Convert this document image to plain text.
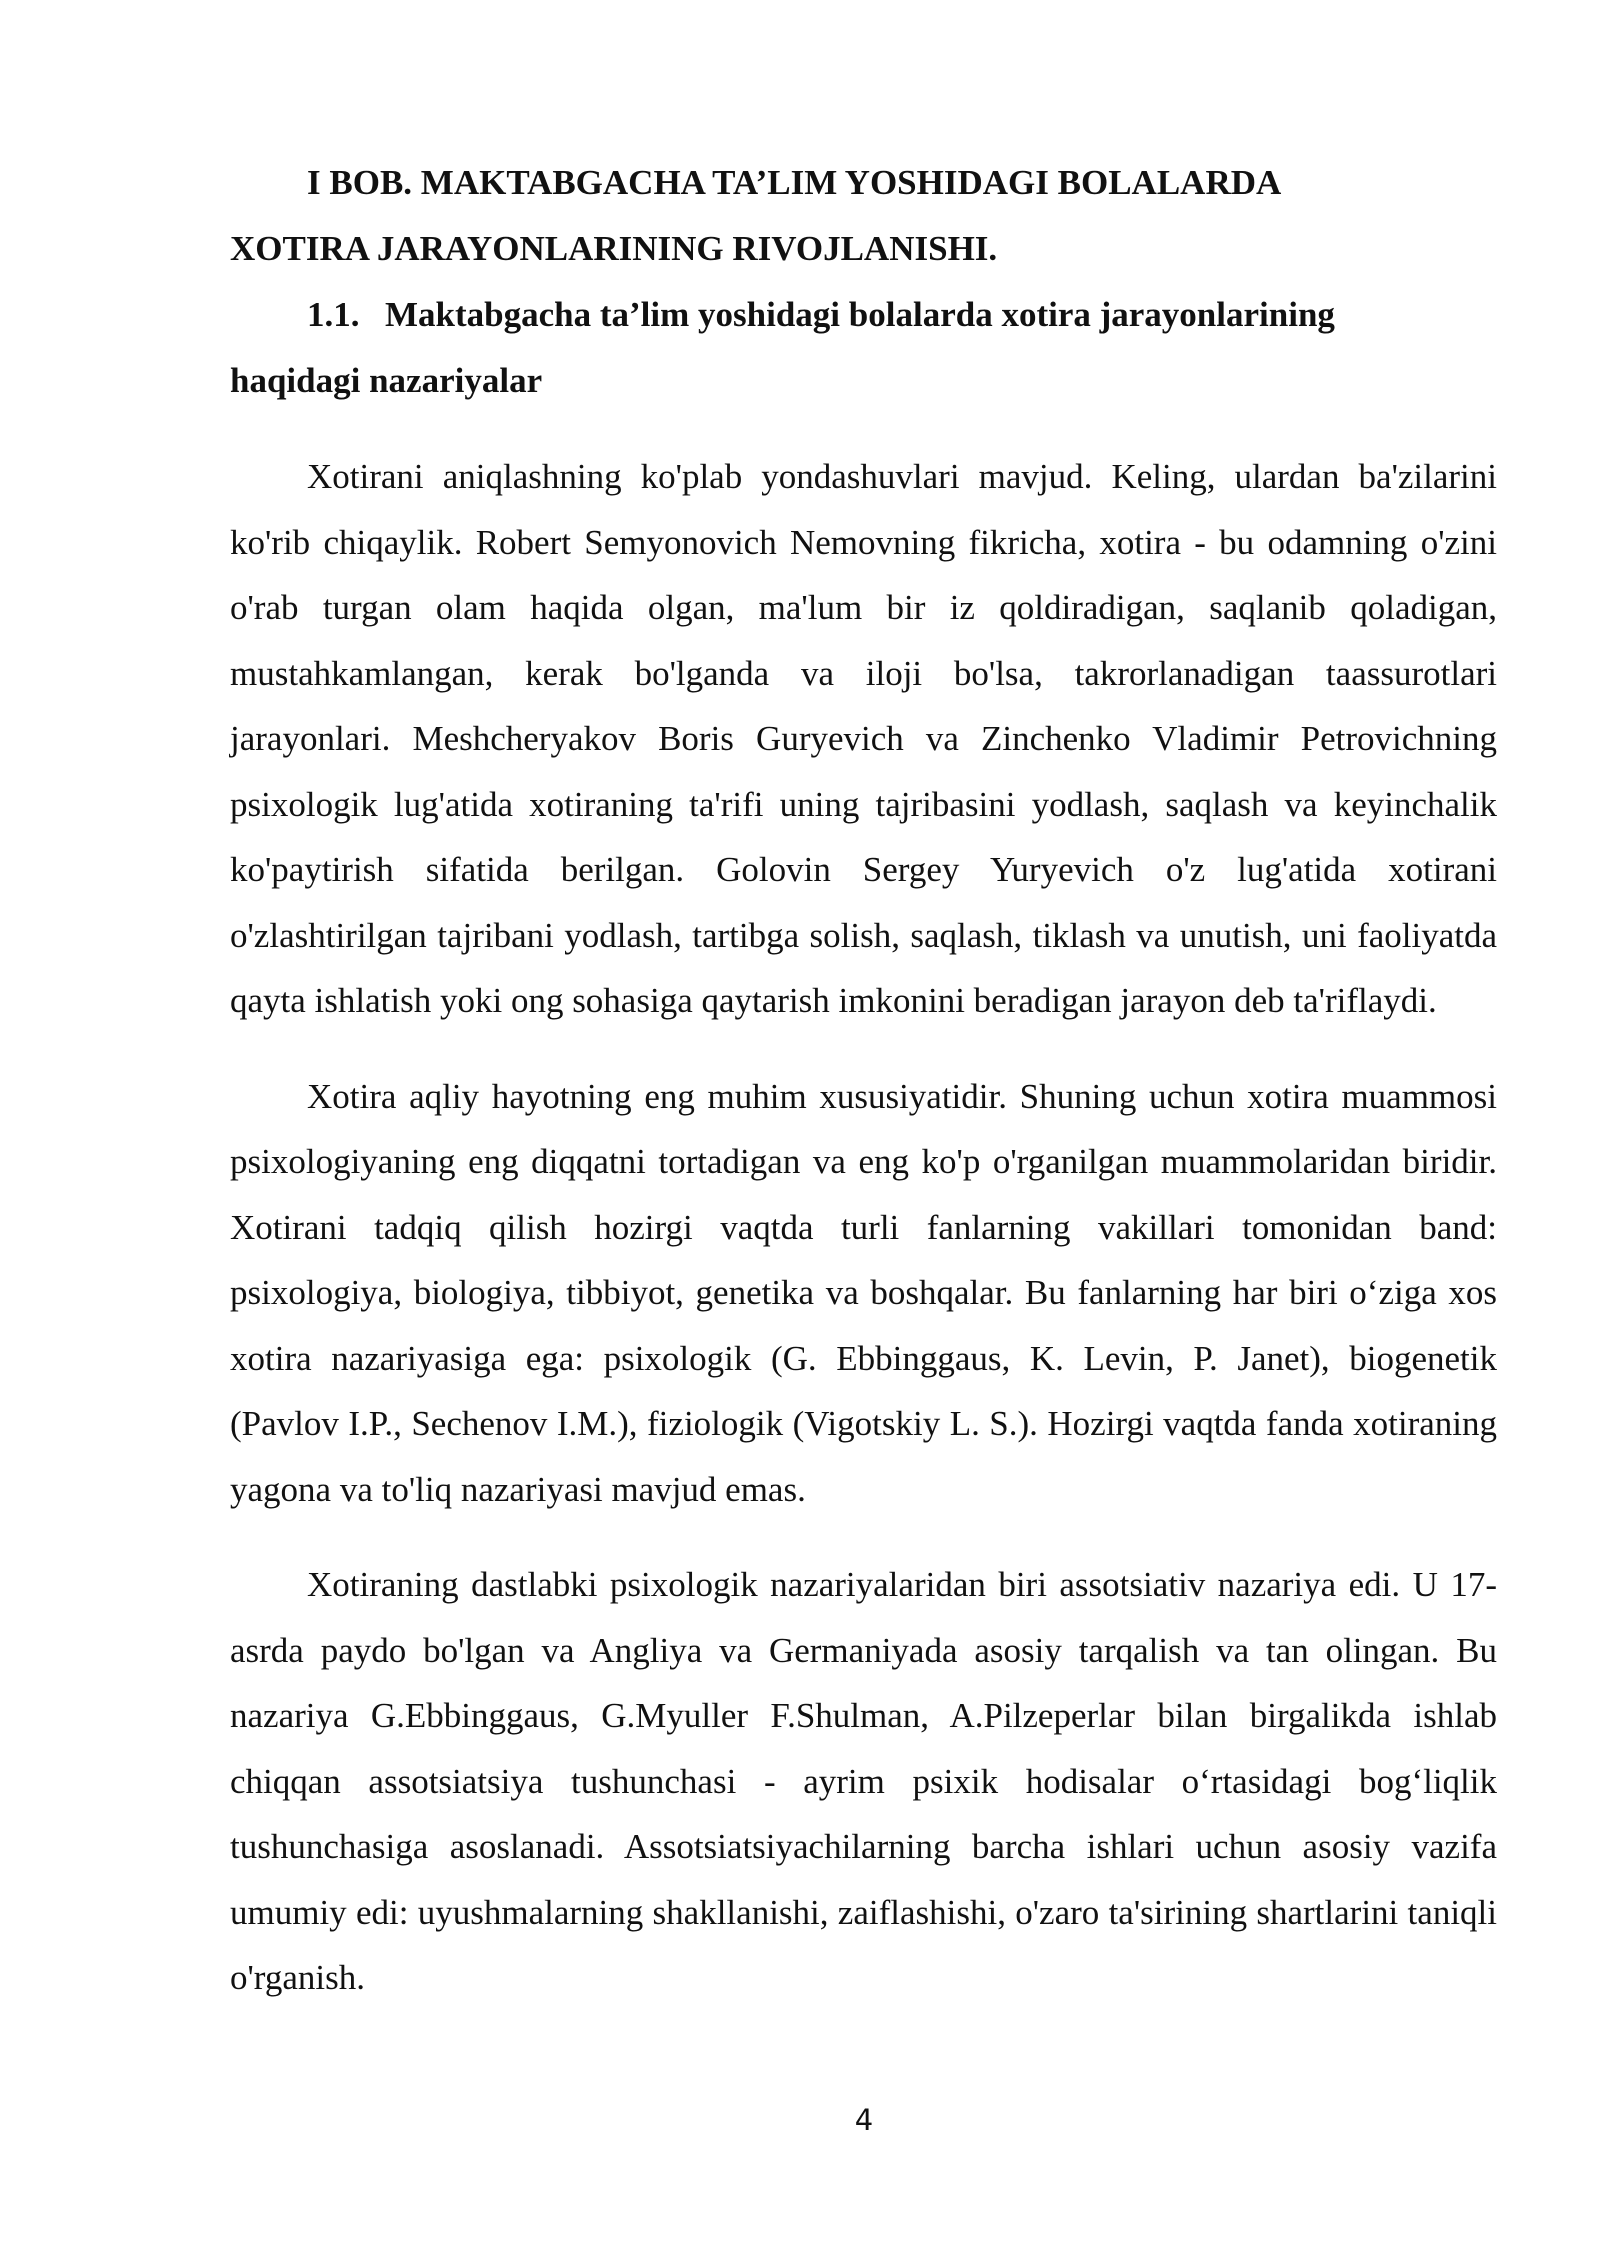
I BOB. MAKTABGACHA TA’LIM YOSHIDAGI BOLALARDA
XOTIRA JARAYONLARINING RIVOJLANISHI.
1.1. Maktabgacha ta’lim yoshidagi bolalarda xotira jarayonlarining
haqidagi nazariyalar

Xotirani aniqlashning ko'plab yondashuvlari mavjud. Keling, ulardan ba'zilarini ko'rib chiqaylik. Robert Semyonovich Nemovning fikricha, xotira - bu odamning o'zini o'rab turgan olam haqida olgan, ma'lum bir iz qoldiradigan, saqlanib qoladigan, mustahkamlangan, kerak bo'lganda va iloji bo'lsa, takrorlanadigan taassurotlari jarayonlari. Meshcheryakov Boris Guryevich va Zinchenko Vladimir Petrovichning psixologik lug'atida xotiraning ta'rifi uning tajribasini yodlash, saqlash va keyinchalik ko'paytirish sifatida berilgan. Golovin Sergey Yuryevich o'z lug'atida xotirani o'zlashtirilgan tajribani yodlash, tartibga solish, saqlash, tiklash va unutish, uni faoliyatda qayta ishlatish yoki ong sohasiga qaytarish imkonini beradigan jarayon deb ta'riflaydi.

Xotira aqliy hayotning eng muhim xususiyatidir. Shuning uchun xotira muammosi psixologiyaning eng diqqatni tortadigan va eng ko'p o'rganilgan muammolaridan biridir. Xotirani tadqiq qilish hozirgi vaqtda turli fanlarning vakillari tomonidan band: psixologiya, biologiya, tibbiyot, genetika va boshqalar. Bu fanlarning har biri o‘ziga xos xotira nazariyasiga ega: psixologik (G. Ebbinggaus, K. Levin, P. Janet), biogenetik (Pavlov I.P., Sechenov I.M.), fiziologik (Vigotskiy L. S.). Hozirgi vaqtda fanda xotiraning yagona va to'liq nazariyasi mavjud emas.

Xotiraning dastlabki psixologik nazariyalaridan biri assotsiativ nazariya edi. U 17-asrda paydo bo'lgan va Angliya va Germaniyada asosiy tarqalish va tan olingan. Bu nazariya G.Ebbinggaus, G.Myuller F.Shulman, A.Pilzeperlar bilan birgalikda ishlab chiqqan assotsiatsiya tushunchasi - ayrim psixik hodisalar o‘rtasidagi bog‘liqlik tushunchasiga asoslanadi. Assotsiatsiyachilarning barcha ishlari uchun asosiy vazifa umumiy edi: uyushmalarning shakllanishi, zaiflashishi, o'zaro ta'sirining shartlarini taniqli o'rganish.

4
